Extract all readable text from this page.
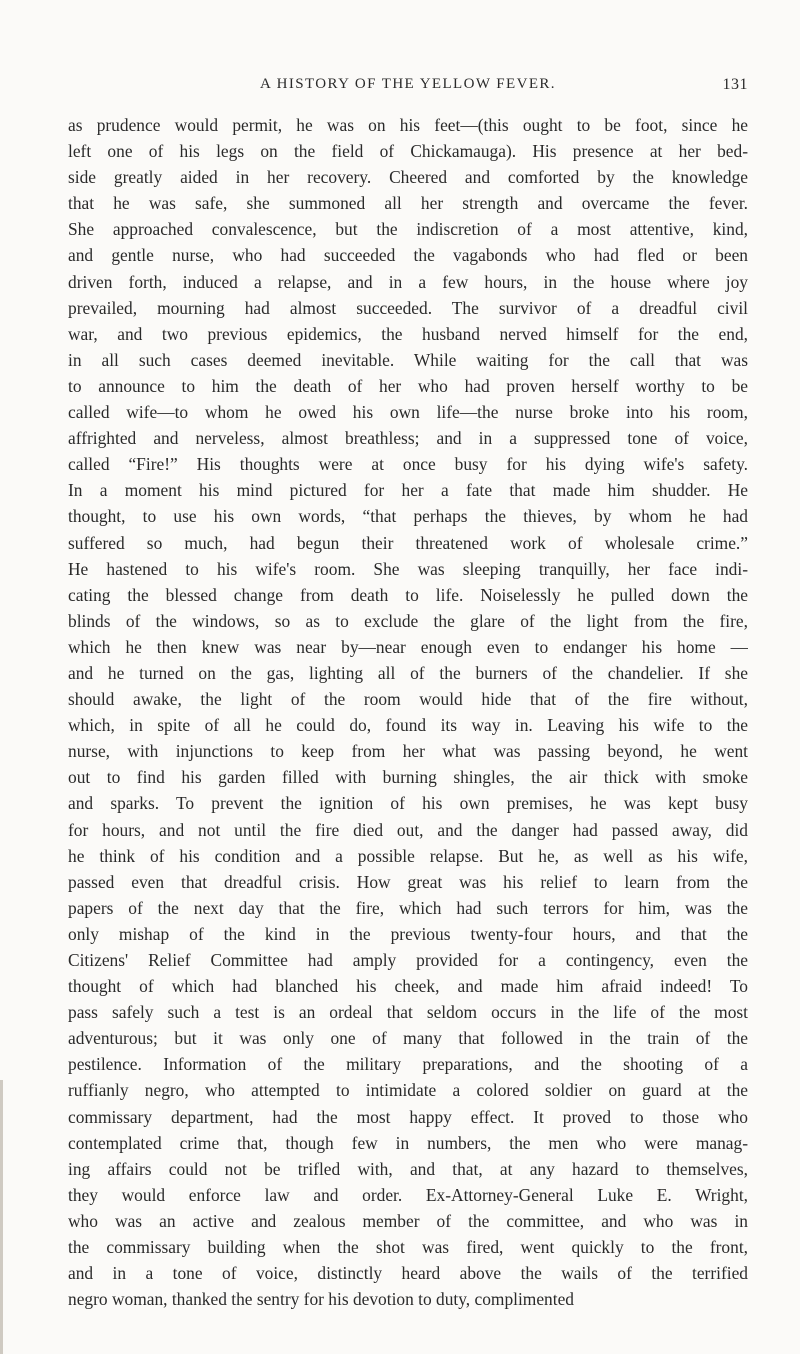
A HISTORY OF THE YELLOW FEVER.	131
as prudence would permit, he was on his feet—(this ought to be foot, since he
left one of his legs on the field of Chickamauga). His presence at her bed-
side greatly aided in her recovery. Cheered and comforted by the knowledge
that he was safe, she summoned all her strength and overcame the fever.
She approached convalescence, but the indiscretion of a most attentive, kind,
and gentle nurse, who had succeeded the vagabonds who had fled or been
driven forth, induced a relapse, and in a few hours, in the house where joy
prevailed, mourning had almost succeeded. The survivor of a dreadful civil
war, and two previous epidemics, the husband nerved himself for the end,
in all such cases deemed inevitable. While waiting for the call that was
to announce to him the death of her who had proven herself worthy to be
called wife—to whom he owed his own life—the nurse broke into his room,
affrighted and nerveless, almost breathless; and in a suppressed tone of voice,
called “Fire!” His thoughts were at once busy for his dying wife's safety.
In a moment his mind pictured for her a fate that made him shudder. He
thought, to use his own words, “that perhaps the thieves, by whom he had
suffered so much, had begun their threatened work of wholesale crime.”
He hastened to his wife's room. She was sleeping tranquilly, her face indi-
cating the blessed change from death to life. Noiselessly he pulled down the
blinds of the windows, so as to exclude the glare of the light from the fire,
which he then knew was near by—near enough even to endanger his home —
and he turned on the gas, lighting all of the burners of the chandelier. If she
should awake, the light of the room would hide that of the fire without,
which, in spite of all he could do, found its way in. Leaving his wife to the
nurse, with injunctions to keep from her what was passing beyond, he went
out to find his garden filled with burning shingles, the air thick with smoke
and sparks. To prevent the ignition of his own premises, he was kept busy
for hours, and not until the fire died out, and the danger had passed away, did
he think of his condition and a possible relapse. But he, as well as his wife,
passed even that dreadful crisis. How great was his relief to learn from the
papers of the next day that the fire, which had such terrors for him, was the
only mishap of the kind in the previous twenty-four hours, and that the
Citizens' Relief Committee had amply provided for a contingency, even the
thought of which had blanched his cheek, and made him afraid indeed! To
pass safely such a test is an ordeal that seldom occurs in the life of the most
adventurous; but it was only one of many that followed in the train of the
pestilence. Information of the military preparations, and the shooting of a
ruffianly negro, who attempted to intimidate a colored soldier on guard at the
commissary department, had the most happy effect. It proved to those who
contemplated crime that, though few in numbers, the men who were manag-
ing affairs could not be trifled with, and that, at any hazard to themselves,
they would enforce law and order. Ex-Attorney-General Luke E. Wright,
who was an active and zealous member of the committee, and who was in
the commissary building when the shot was fired, went quickly to the front,
and in a tone of voice, distinctly heard above the wails of the terrified
negro woman, thanked the sentry for his devotion to duty, complimented
